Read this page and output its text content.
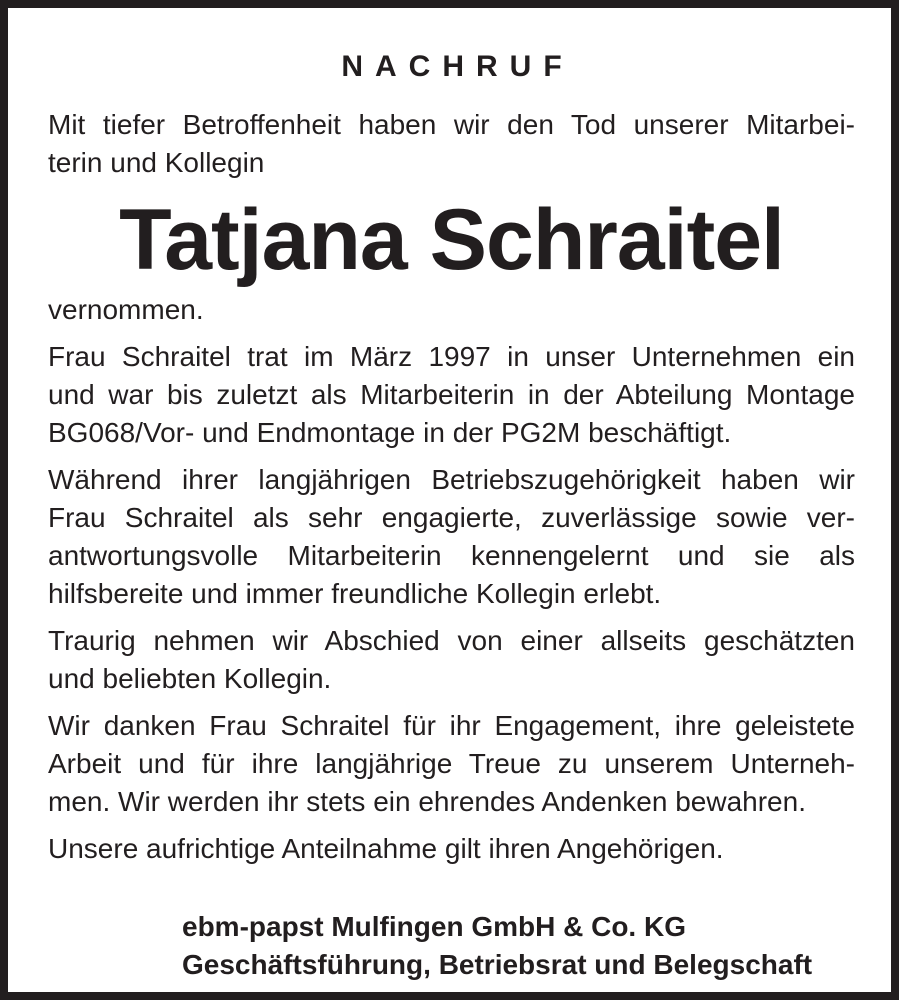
NACHRUF
Mit tiefer Betroffenheit haben wir den Tod unserer Mitarbei-
terin und Kollegin
Tatjana Schraitel
vernommen.
Frau Schraitel trat im März 1997 in unser Unternehmen ein
und war bis zuletzt als Mitarbeiterin in der Abteilung Montage
BG068/Vor- und Endmontage in der PG2M beschäftigt.
Während ihrer langjährigen Betriebszugehörigkeit haben wir
Frau Schraitel als sehr engagierte, zuverlässige sowie ver-
antwortungsvolle Mitarbeiterin kennengelernt und sie als
hilfsbereite und immer freundliche Kollegin erlebt.
Traurig nehmen wir Abschied von einer allseits geschätzten
und beliebten Kollegin.
Wir danken Frau Schraitel für ihr Engagement, ihre geleistete
Arbeit und für ihre langjährige Treue zu unserem Unterneh-
men. Wir werden ihr stets ein ehrendes Andenken bewahren.
Unsere aufrichtige Anteilnahme gilt ihren Angehörigen.
ebm-papst Mulfingen GmbH & Co. KG
Geschäftsführung, Betriebsrat und Belegschaft
